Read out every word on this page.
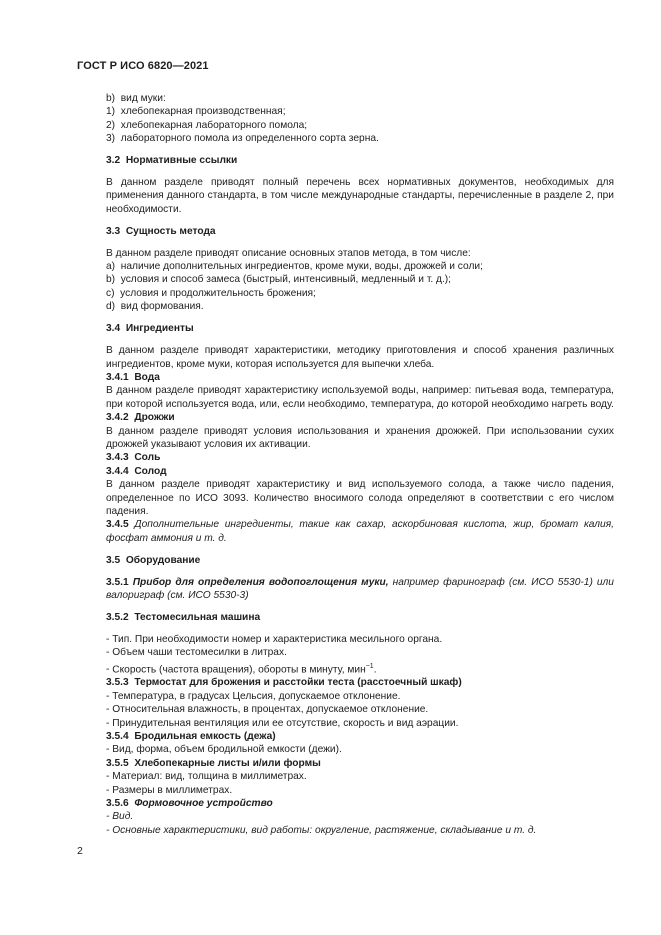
ГОСТ Р ИСО 6820—2021

b)  вид муки:

1)  хлебопекарная производственная;

2)  хлебопекарная лабораторного помола;

3)  лабораторного помола из определенного сорта зерна.

3.2  Нормативные ссылки

В данном разделе приводят полный перечень всех нормативных документов, необходимых для применения данного стандарта, в том числе международные стандарты, перечисленные в разделе 2, при необходимости.

3.3  Сущность метода

В данном разделе приводят описание основных этапов метода, в том числе:

a)  наличие дополнительных ингредиентов, кроме муки, воды, дрожжей и соли;

b)  условия и способ замеса (быстрый, интенсивный, медленный и т. д.);

c)  условия и продолжительность брожения;

d)  вид формования.

3.4  Ингредиенты

В данном разделе приводят характеристики, методику приготовления и способ хранения различных ингредиентов, кроме муки, которая используется для выпечки хлеба.

3.4.1  Вода

В данном разделе приводят характеристику используемой воды, например: питьевая вода, температура, при которой используется вода, или, если необходимо, температура, до которой необходимо нагреть воду.

3.4.2  Дрожжи

В данном разделе приводят условия использования и хранения дрожжей. При использовании сухих дрожжей указывают условия их активации.

3.4.3  Соль

3.4.4  Солод

В данном разделе приводят характеристику и вид используемого солода, а также число падения, определенное по ИСО 3093. Количество вносимого солода определяют в соответствии с его числом падения.

3.4.5 Дополнительные ингредиенты, такие как сахар, аскорбиновая кислота, жир, бромат калия, фосфат аммония и т. д.

3.5  Оборудование

3.5.1 Прибор для определения водопоглощения муки, например фаринограф (см. ИСО 5530-1) или валориграф (см. ИСО 5530-3)

3.5.2  Тестомесильная машина

- Тип. При необходимости номер и характеристика месильного органа.

- Объем чаши тестомесилки в литрах.

- Скорость (частота вращения), обороты в минуту, мин$^{-1}$.

3.5.3  Термостат для брожения и расстойки теста (расстоечный шкаф)

- Температура, в градусах Цельсия, допускаемое отклонение.

- Относительная влажность, в процентах, допускаемое отклонение.

- Принудительная вентиляция или ее отсутствие, скорость и вид аэрации.

3.5.4  Бродильная емкость (дежа)

- Вид, форма, объем бродильной емкости (дежи).

3.5.5  Хлебопекарные листы и/или формы

- Материал: вид, толщина в миллиметрах.

- Размеры в миллиметрах.

3.5.6 Формовочное устройство

- Вид.

- Основные характеристики, вид работы: округление, растяжение, складывание и т. д.

2
